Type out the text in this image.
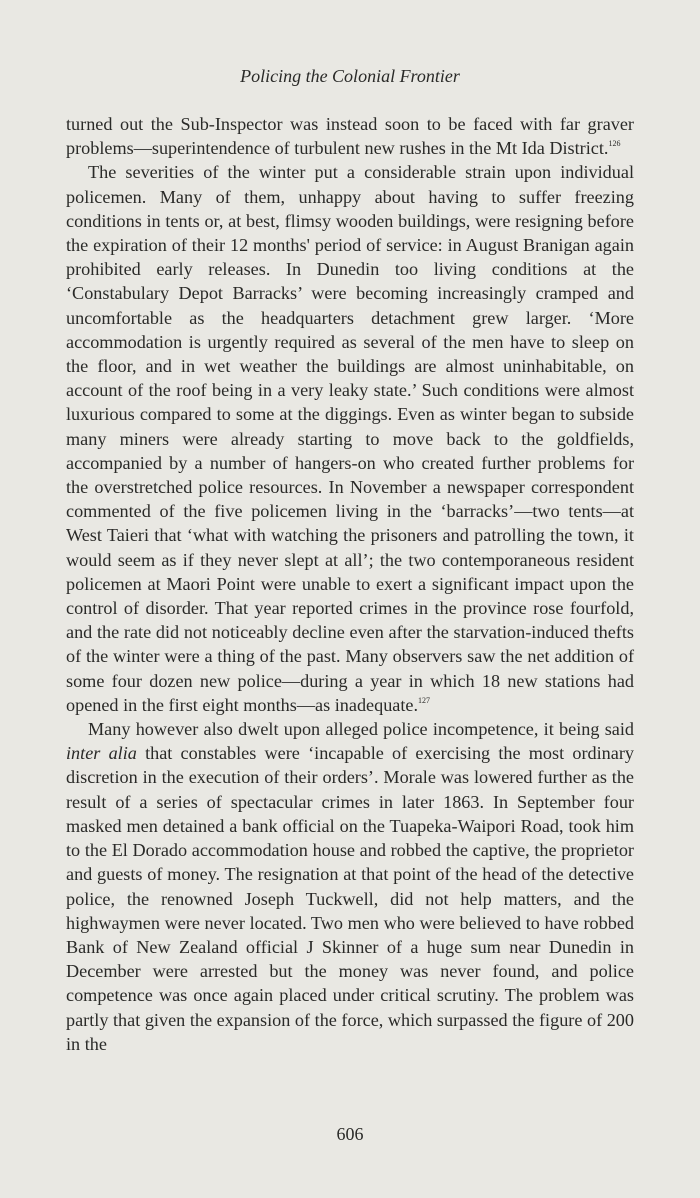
Policing the Colonial Frontier

turned out the Sub-Inspector was instead soon to be faced with far graver problems—superintendence of turbulent new rushes in the Mt Ida District.$^{126}$

The severities of the winter put a considerable strain upon individual policemen. Many of them, unhappy about having to suffer freezing conditions in tents or, at best, flimsy wooden buildings, were resigning before the expiration of their 12 months' period of service: in August Branigan again prohibited early releases. In Dunedin too living conditions at the ‘Constabulary Depot Barracks’ were becoming increasingly cramped and uncomfortable as the headquarters detachment grew larger. ‘More accommodation is urgently required as several of the men have to sleep on the floor, and in wet weather the buildings are almost uninhabitable, on account of the roof being in a very leaky state.’ Such conditions were almost luxurious compared to some at the diggings. Even as winter began to subside many miners were already starting to move back to the goldfields, accompanied by a number of hangers-on who created further problems for the overstretched police resources. In November a newspaper correspondent commented of the five policemen living in the ‘barracks’—two tents—at West Taieri that ‘what with watching the prisoners and patrolling the town, it would seem as if they never slept at all’; the two contemporaneous resident policemen at Maori Point were unable to exert a significant impact upon the control of disorder. That year reported crimes in the province rose fourfold, and the rate did not noticeably decline even after the starvation-induced thefts of the winter were a thing of the past. Many observers saw the net addition of some four dozen new police—during a year in which 18 new stations had opened in the first eight months—as inadequate.$^{127}$

Many however also dwelt upon alleged police incompetence, it being said inter alia that constables were ‘incapable of exercising the most ordinary discretion in the execution of their orders’. Morale was lowered further as the result of a series of spectacular crimes in later 1863. In September four masked men detained a bank official on the Tuapeka-Waipori Road, took him to the El Dorado accommodation house and robbed the captive, the proprietor and guests of money. The resignation at that point of the head of the detective police, the renowned Joseph Tuckwell, did not help matters, and the highwaymen were never located. Two men who were believed to have robbed Bank of New Zealand official J Skinner of a huge sum near Dunedin in December were arrested but the money was never found, and police competence was once again placed under critical scrutiny. The problem was partly that given the expansion of the force, which surpassed the figure of 200 in the

606
